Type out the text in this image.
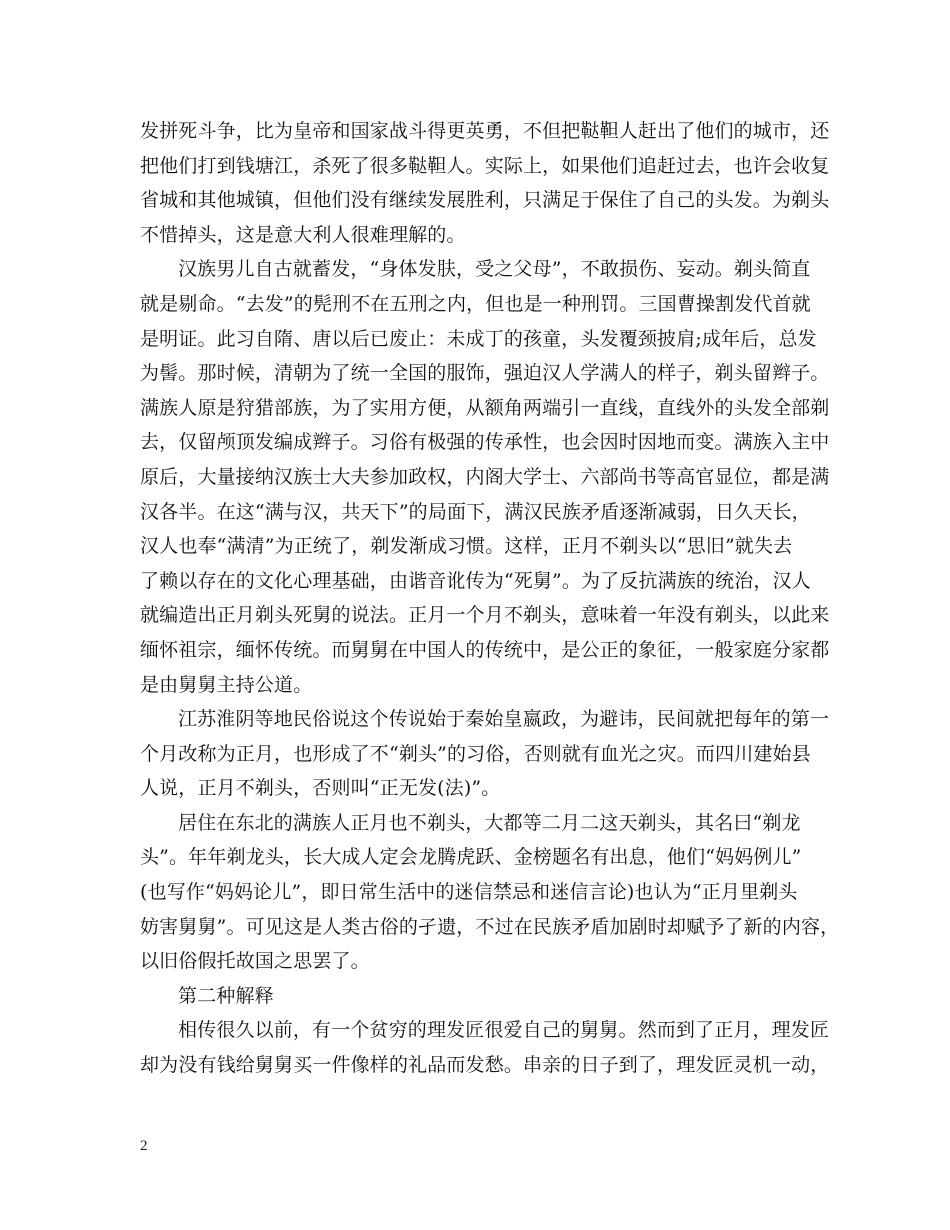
发拼死斗争，比为皇帝和国家战斗得更英勇，不但把鞑靼人赶出了他们的城市，还
把他们打到钱塘江，杀死了很多鞑靼人。实际上，如果他们追赶过去，也许会收复
省城和其他城镇，但他们没有继续发展胜利，只满足于保住了自己的头发。为剃头
不惜掉头，这是意大利人很难理解的。
汉族男儿自古就蓄发，“身体发肤，受之父母”，不敢损伤、妄动。剃头简直
就是剔命。“去发”的髡刑不在五刑之内，但也是一种刑罚。三国曹操割发代首就
是明证。此习自隋、唐以后已废止：未成丁的孩童，头发覆颈披肩;成年后，总发
为髻。那时候，清朝为了统一全国的服饰，强迫汉人学满人的样子，剃头留辫子。
满族人原是狩猎部族，为了实用方便，从额角两端引一直线，直线外的头发全部剃
去，仅留颅顶发编成辫子。习俗有极强的传承性，也会因时因地而变。满族入主中
原后，大量接纳汉族士大夫参加政权，内阁大学士、六部尚书等高官显位，都是满
汉各半。在这“满与汉，共天下”的局面下，满汉民族矛盾逐渐减弱，日久天长，
汉人也奉“满清”为正统了，剃发渐成习惯。这样，正月不剃头以“思旧”就失去
了赖以存在的文化心理基础，由谐音讹传为“死舅”。为了反抗满族的统治，汉人
就编造出正月剃头死舅的说法。正月一个月不剃头，意味着一年没有剃头，以此来
缅怀祖宗，缅怀传统。而舅舅在中国人的传统中，是公正的象征，一般家庭分家都
是由舅舅主持公道。
江苏淮阴等地民俗说这个传说始于秦始皇嬴政，为避讳，民间就把每年的第一
个月改称为正月，也形成了不“剃头”的习俗，否则就有血光之灾。而四川建始县
人说，正月不剃头，否则叫“正无发(法)”。
居住在东北的满族人正月也不剃头，大都等二月二这天剃头，其名曰“剃龙
头”。年年剃龙头，长大成人定会龙腾虎跃、金榜题名有出息，他们“妈妈例儿”
(也写作“妈妈论儿”，即日常生活中的迷信禁忌和迷信言论)也认为“正月里剃头
妨害舅舅”。可见这是人类古俗的孑遗，不过在民族矛盾加剧时却赋予了新的内容，
以旧俗假托故国之思罢了。
第二种解释
相传很久以前，有一个贫穷的理发匠很爱自己的舅舅。然而到了正月，理发匠
却为没有钱给舅舅买一件像样的礼品而发愁。串亲的日子到了，理发匠灵机一动，
2
